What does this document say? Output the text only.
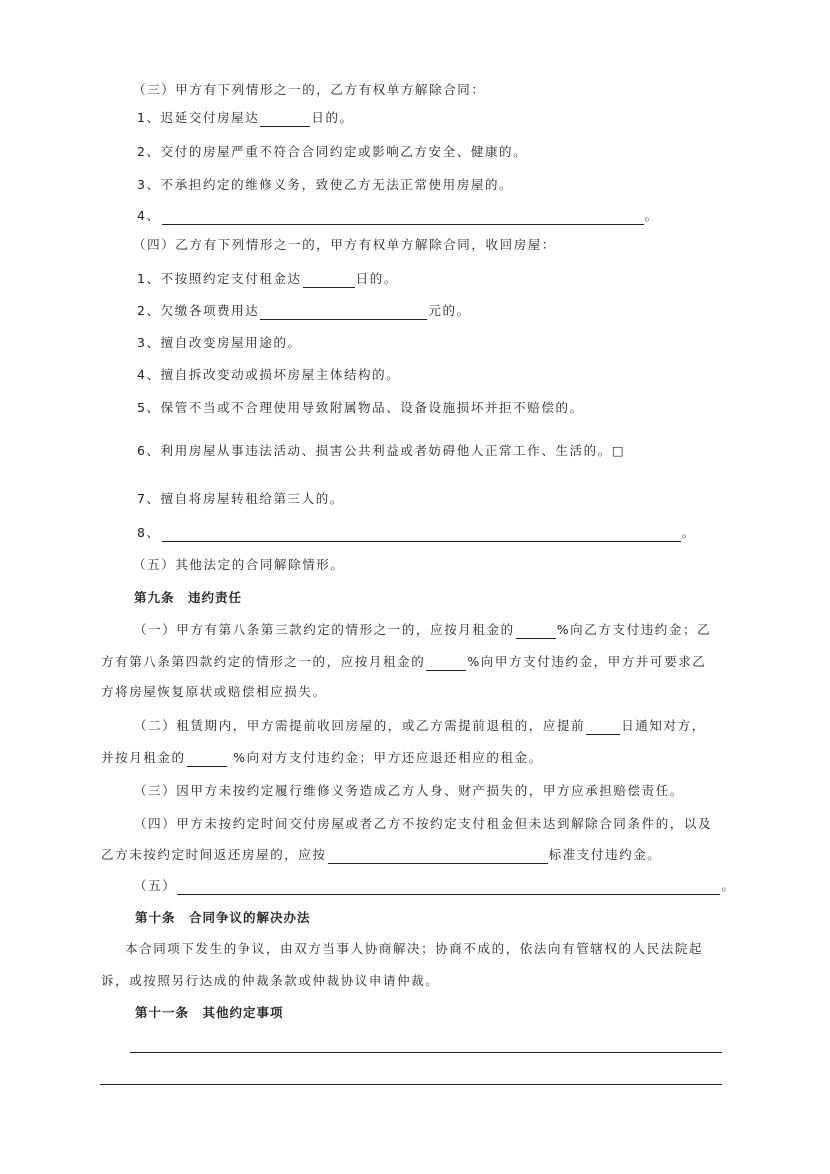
（三）甲方有下列情形之一的，乙方有权单方解除合同：
1、迟延交付房屋达	日的。
2、交付的房屋严重不符合合同约定或影响乙方安全、健康的。
3、不承担约定的维修义务，致使乙方无法正常使用房屋的。
4、	。
（四）乙方有下列情形之一的，甲方有权单方解除合同，收回房屋：
1、不按照约定支付租金达	日的。
2、欠缴各项费用达	元的。
3、擅自改变房屋用途的。
4、擅自拆改变动或损坏房屋主体结构的。
5、保管不当或不合理使用导致附属物品、设备设施损坏并拒不赔偿的。
6、利用房屋从事违法活动、损害公共利益或者妨碍他人正常工作、生活的。□
7、擅自将房屋转租给第三人的。
8、	。
（五）其他法定的合同解除情形。
第九条　违约责任
（一）甲方有第八条第三款约定的情形之一的，应按月租金的	%向乙方支付违约金；乙
方有第八条第四款约定的情形之一的，应按月租金的	%向甲方支付违约金，甲方并可要求乙
方将房屋恢复原状或赔偿相应损失。
（二）租赁期内，甲方需提前收回房屋的，或乙方需提前退租的，应提前	日通知对方，
并按月租金的	%向对方支付违约金；甲方还应退还相应的租金。
（三）因甲方未按约定履行维修义务造成乙方人身、财产损失的，甲方应承担赔偿责任。
（四）甲方未按约定时间交付房屋或者乙方不按约定支付租金但未达到解除合同条件的，以及
乙方未按约定时间返还房屋的，应按	标准支付违约金。
（五）	。
第十条　合同争议的解决办法
本合同项下发生的争议，由双方当事人协商解决；协商不成的，依法向有管辖权的人民法院起
诉，或按照另行达成的仲裁条款或仲裁协议申请仲裁。
第十一条　其他约定事项
